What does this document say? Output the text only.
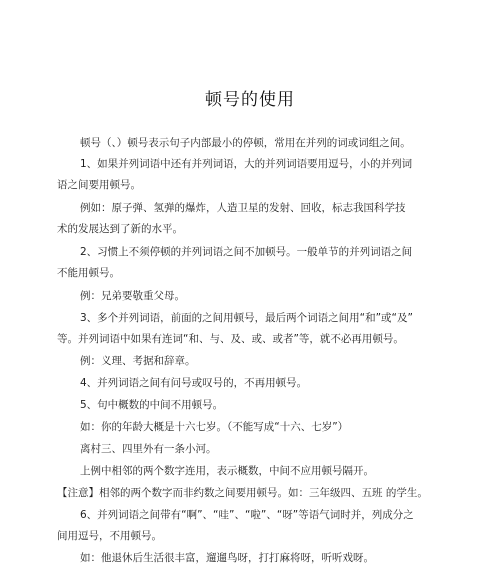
顿号的使用
顿号（、）顿号表示句子内部最小的停顿，常用在并列的词或词组之间。
1、如果并列词语中还有并列词语，大的并列词语要用逗号，小的并列词
语之间要用顿号。
例如：原子弹、氢弹的爆炸，人造卫星的发射、回收，标志我国科学技
术的发展达到了新的水平。
2、习惯上不须停顿的并列词语之间不加顿号。一般单节的并列词语之间
不能用顿号。
例：兄弟要敬重父母。
3、多个并列词语，前面的之间用顿号，最后两个词语之间用“和”或“及”
等。并列词语中如果有连词“和、与、及、或、或者”等，就不必再用顿号。
例：义理、考据和辞章。
4、并列词语之间有问号或叹号的，不再用顿号。
5、句中概数的中间不用顿号。
如：你的年龄大概是十六七岁。（不能写成“十六、七岁”）
离村三、四里外有一条小河。
上例中相邻的两个数字连用，表示概数，中间不应用顿号隔开。
【注意】相邻的两个数字而非约数之间要用顿号。如：三年级四、五班 的学生。
6、并列词语之间带有“啊”、“哇”、“啦”、“呀”等语气词时并，列成分之
间用逗号，不用顿号。
如：他退休后生活很丰富，遛遛鸟呀，打打麻将呀，听听戏呀。
